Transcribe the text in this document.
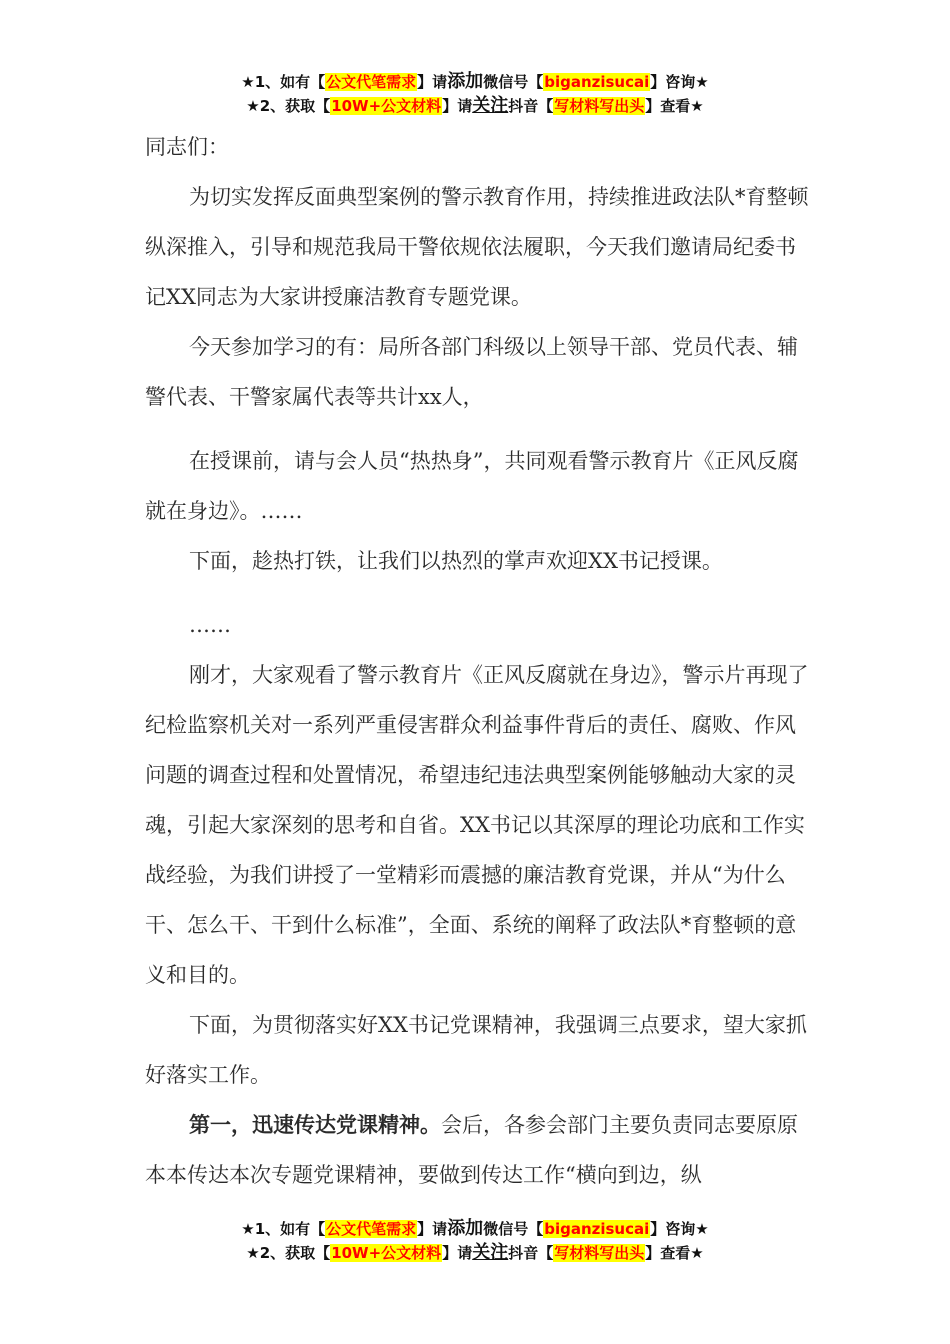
★1、如有【公文代笔需求】请添加微信号【biganzisucai】咨询★
★2、获取【10W+公文材料】请关注抖音【写材料写出头】查看★

同志们：

为切实发挥反面典型案例的警示教育作用，持续推进政法队*育整顿纵深推入，引导和规范我局干警依规依法履职，今天我们邀请局纪委书记XX同志为大家讲授廉洁教育专题党课。

今天参加学习的有：局所各部门科级以上领导干部、党员代表、辅警代表、干警家属代表等共计xx人，

在授课前，请与会人员“热热身”，共同观看警示教育片《正风反腐就在身边》。……

下面，趁热打铁，让我们以热烈的掌声欢迎XX书记授课。

……

刚才，大家观看了警示教育片《正风反腐就在身边》，警示片再现了纪检监察机关对一系列严重侵害群众利益事件背后的责任、腐败、作风问题的调查过程和处置情况，希望违纪违法典型案例能够触动大家的灵魂，引起大家深刻的思考和自省。XX书记以其深厚的理论功底和工作实战经验，为我们讲授了一堂精彩而震撼的廉洁教育党课，并从“为什么干、怎么干、干到什么标准”，全面、系统的阐释了政法队*育整顿的意义和目的。

下面，为贯彻落实好XX书记党课精神，我强调三点要求，望大家抓好落实工作。

第一，迅速传达党课精神。会后，各参会部门主要负责同志要原原本本传达本次专题党课精神，要做到传达工作“横向到边，纵

★1、如有【公文代笔需求】请添加微信号【biganzisucai】咨询★
★2、获取【10W+公文材料】请关注抖音【写材料写出头】查看★
